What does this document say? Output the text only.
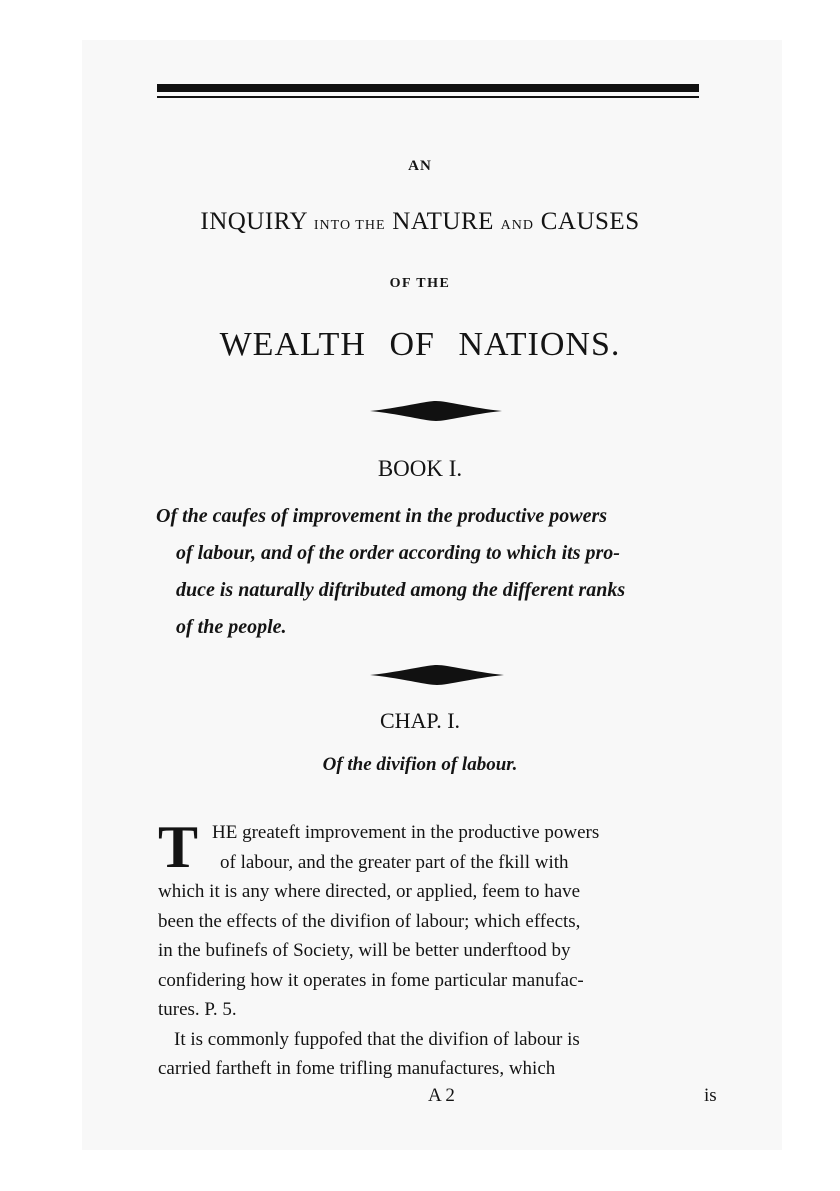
AN
INQUIRY INTO THE NATURE AND CAUSES
OF THE
WEALTH OF NATIONS.
BOOK I.
Of the caufes of improvement in the productive powers
of labour, and of the order according to which its pro-
duce is naturally diftributed among the different ranks
of the people.
CHAP. I.
Of the divifion of labour.
T HE greateft improvement in the productive powers
of labour, and the greater part of the fkill with
which it is any where directed, or applied, feem to have
been the effects of the divifion of labour; which effects,
in the bufinefs of Society, will be better underftood by
confidering how it operates in fome particular manufac-
tures. P. 5.
It is commonly fuppofed that the divifion of labour is
carried fartheft in fome trifling manufactures, which
A 2	is
